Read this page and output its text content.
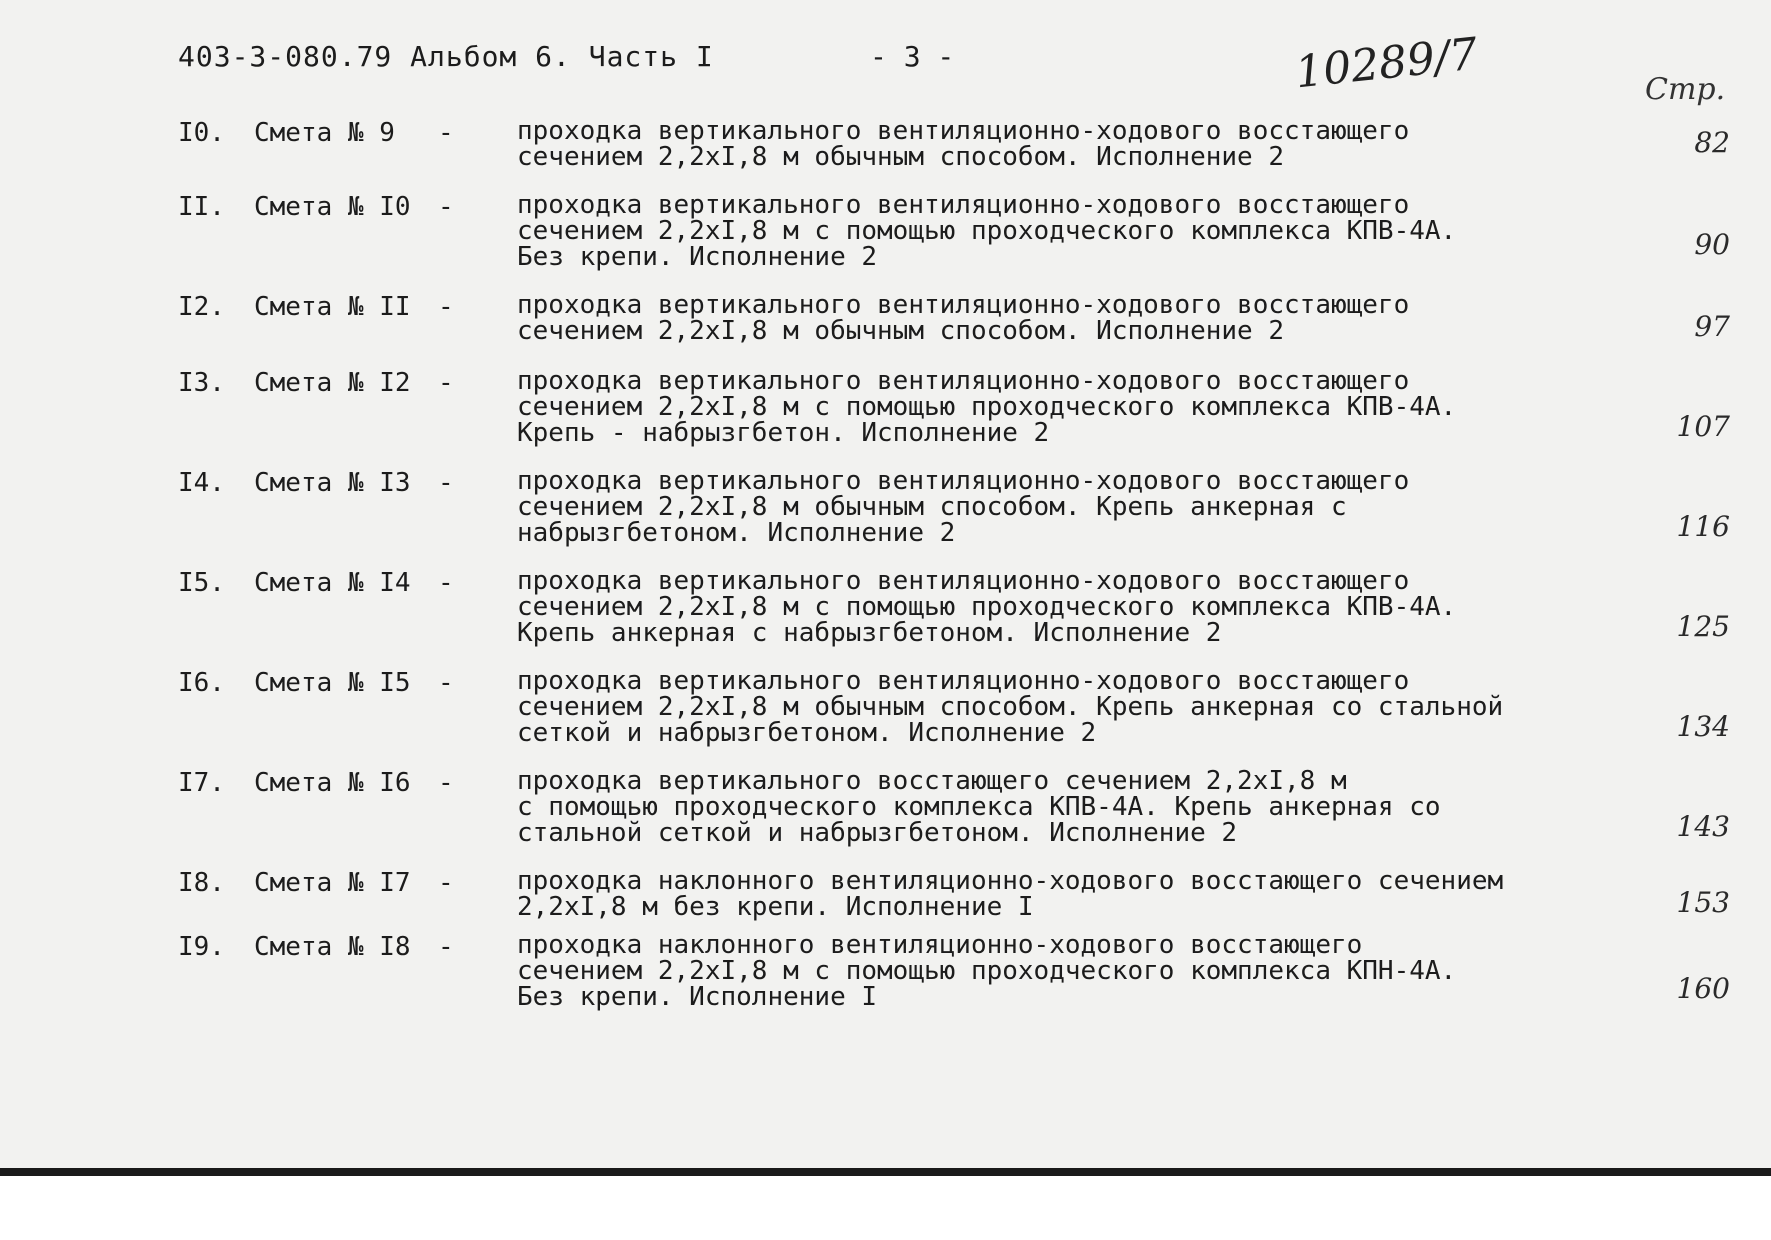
403-3-080.79 Альбом 6. Часть I	- 3 -	10289/7	Стр.
I0. Смета № 9 - проходка вертикального вентиляционно-ходового восстающего
сечением 2,2хI,8 м обычным способом. Исполнение 2	82
II. Смета № I0 - проходка вертикального вентиляционно-ходового восстающего
сечением 2,2хI,8 м с помощью проходческого комплекса КПВ-4А.
Без крепи. Исполнение 2	90
I2. Смета № II - проходка вертикального вентиляционно-ходового восстающего
сечением 2,2хI,8 м обычным способом. Исполнение 2	97
I3. Смета № I2 - проходка вертикального вентиляционно-ходового восстающего
сечением 2,2хI,8 м с помощью проходческого комплекса КПВ-4А.
Крепь - набрызгбетон. Исполнение 2	107
I4. Смета № I3 - проходка вертикального вентиляционно-ходового восстающего
сечением 2,2хI,8 м обычным способом. Крепь анкерная с
набрызгбетоном. Исполнение 2	116
I5. Смета № I4 - проходка вертикального вентиляционно-ходового восстающего
сечением 2,2хI,8 м с помощью проходческого комплекса КПВ-4А.
Крепь анкерная с набрызгбетоном. Исполнение 2	125
I6. Смета № I5 - проходка вертикального вентиляционно-ходового восстающего
сечением 2,2хI,8 м обычным способом. Крепь анкерная со стальной
сеткой и набрызгбетоном. Исполнение 2	134
I7. Смета № I6 - проходка вертикального восстающего сечением 2,2хI,8 м
с помощью проходческого комплекса КПВ-4А. Крепь анкерная со
стальной сеткой и набрызгбетоном. Исполнение 2	143
I8. Смета № I7 - проходка наклонного вентиляционно-ходового восстающего сечением
2,2хI,8 м без крепи. Исполнение I	153
I9. Смета № I8 - проходка наклонного вентиляционно-ходового восстающего
сечением 2,2хI,8 м с помощью проходческого комплекса КПН-4А.
Без крепи. Исполнение I	160
